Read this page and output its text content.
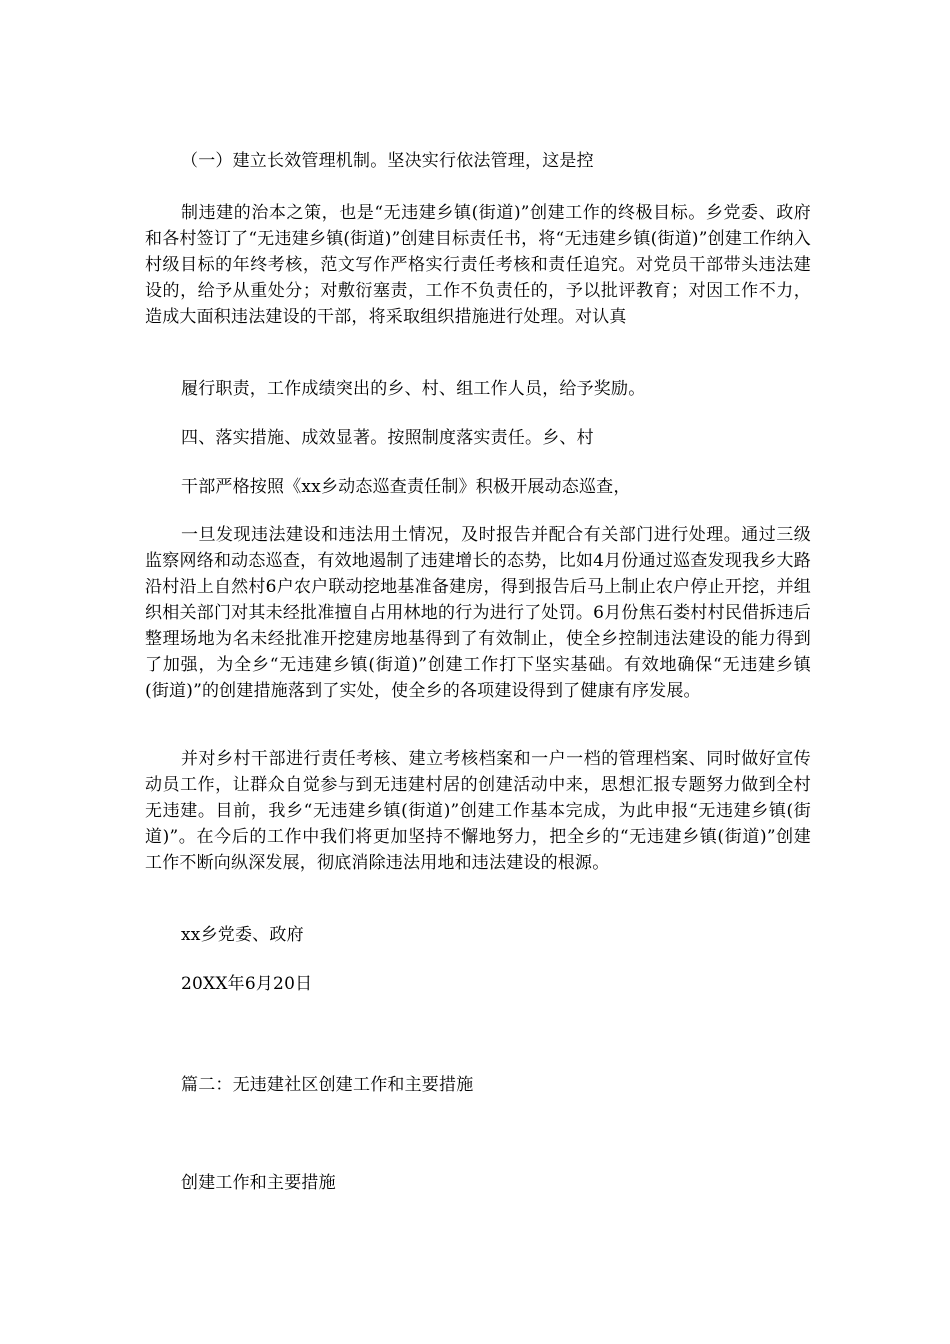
（一）建立长效管理机制。坚决实行依法管理，这是控

制违建的治本之策，也是“无违建乡镇(街道)”创建工作的终极目标。乡党委、政府和各村签订了“无违建乡镇(街道)”创建目标责任书，将“无违建乡镇(街道)”创建工作纳入村级目标的年终考核，范文写作严格实行责任考核和责任追究。对党员干部带头违法建设的，给予从重处分；对敷衍塞责，工作不负责任的，予以批评教育；对因工作不力，造成大面积违法建设的干部，将采取组织措施进行处理。对认真

履行职责，工作成绩突出的乡、村、组工作人员，给予奖励。

四、落实措施、成效显著。按照制度落实责任。乡、村

干部严格按照《xx乡动态巡查责任制》积极开展动态巡查，

一旦发现违法建设和违法用土情况，及时报告并配合有关部门进行处理。通过三级监察网络和动态巡查，有效地遏制了违建增长的态势，比如4月份通过巡查发现我乡大路沿村沿上自然村6户农户联动挖地基准备建房，得到报告后马上制止农户停止开挖，并组织相关部门对其未经批准擅自占用林地的行为进行了处罚。6月份焦石娄村村民借拆违后整理场地为名未经批准开挖建房地基得到了有效制止，使全乡控制违法建设的能力得到了加强，为全乡“无违建乡镇(街道)”创建工作打下坚实基础。有效地确保“无违建乡镇(街道)”的创建措施落到了实处，使全乡的各项建设得到了健康有序发展。

并对乡村干部进行责任考核、建立考核档案和一户一档的管理档案、同时做好宣传动员工作，让群众自觉参与到无违建村居的创建活动中来，思想汇报专题努力做到全村无违建。目前，我乡“无违建乡镇(街道)”创建工作基本完成，为此申报“无违建乡镇(街道)”。在今后的工作中我们将更加坚持不懈地努力，把全乡的“无违建乡镇(街道)”创建工作不断向纵深发展，彻底消除违法用地和违法建设的根源。

xx乡党委、政府

20XX年6月20日

篇二：无违建社区创建工作和主要措施

创建工作和主要措施
